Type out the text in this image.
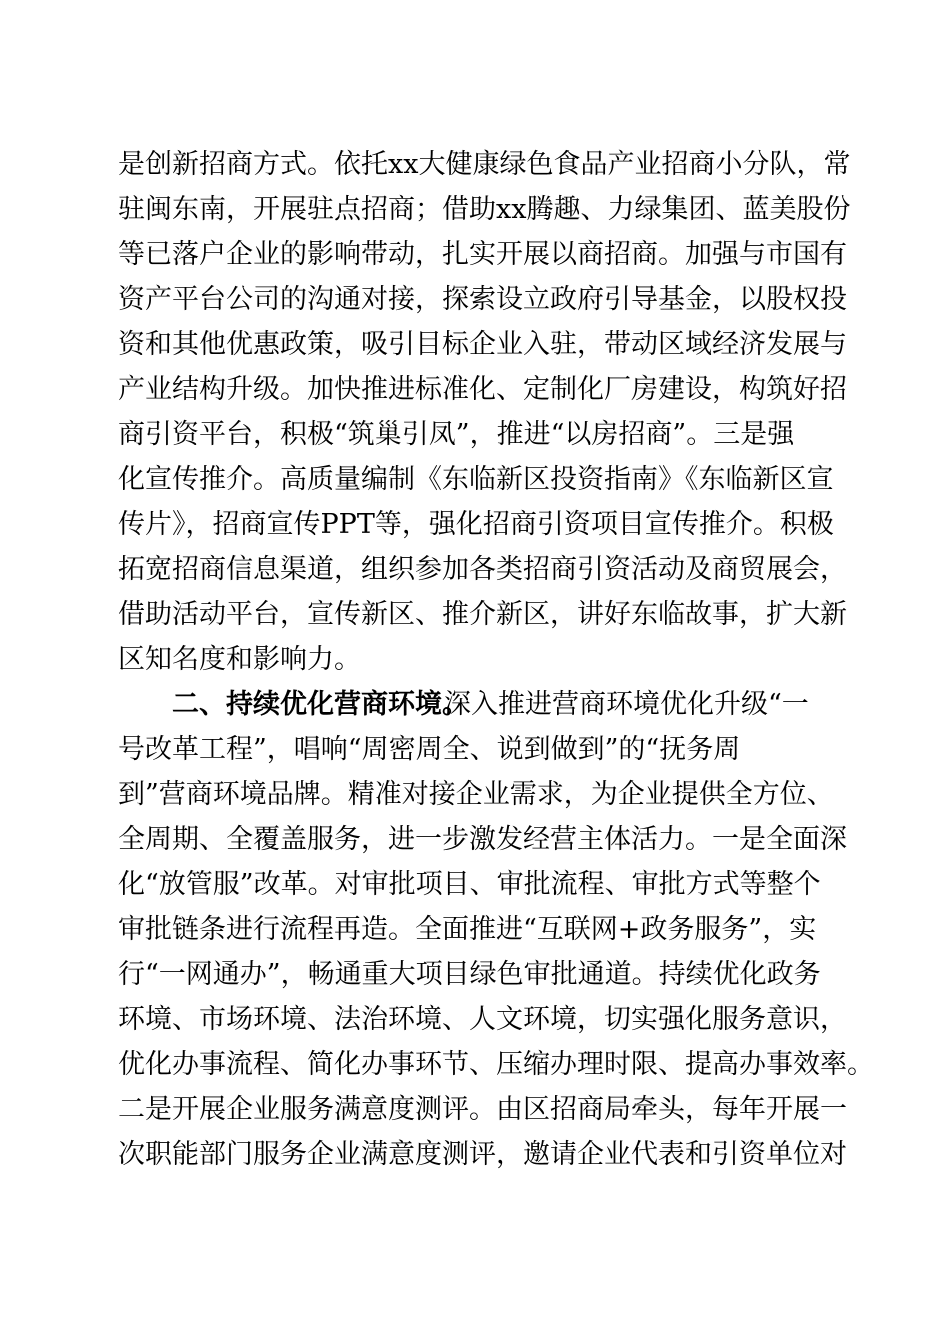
是创新招商方式。依托xx大健康绿色食品产业招商小分队，常

驻闽东南，开展驻点招商；借助xx腾趣、力绿集团、蓝美股份

等已落户企业的影响带动，扎实开展以商招商。加强与市国有

资产平台公司的沟通对接，探索设立政府引导基金，以股权投

资和其他优惠政策，吸引目标企业入驻，带动区域经济发展与

产业结构升级。加快推进标准化、定制化厂房建设，构筑好招

商引资平台，积极“筑巢引凤”，推进“以房招商”。三是强

化宣传推介。高质量编制《东临新区投资指南》《东临新区宣

传片》，招商宣传PPT等，强化招商引资项目宣传推介。积极

拓宽招商信息渠道，组织参加各类招商引资活动及商贸展会，

借助活动平台，宣传新区、推介新区，讲好东临故事，扩大新

区知名度和影响力。

二、持续优化营商环境。

深入推进营商环境优化升级“一

号改革工程”，唱响“周密周全、说到做到”的“抚务周

到”营商环境品牌。精准对接企业需求，为企业提供全方位、

全周期、全覆盖服务，进一步激发经营主体活力。一是全面深

化“放管服”改革。对审批项目、审批流程、审批方式等整个

审批链条进行流程再造。全面推进“互联网+政务服务”，实

行“一网通办”，畅通重大项目绿色审批通道。持续优化政务

环境、市场环境、法治环境、人文环境，切实强化服务意识，

优化办事流程、简化办事环节、压缩办理时限、提高办事效率。

二是开展企业服务满意度测评。由区招商局牵头，每年开展一

次职能部门服务企业满意度测评，邀请企业代表和引资单位对
